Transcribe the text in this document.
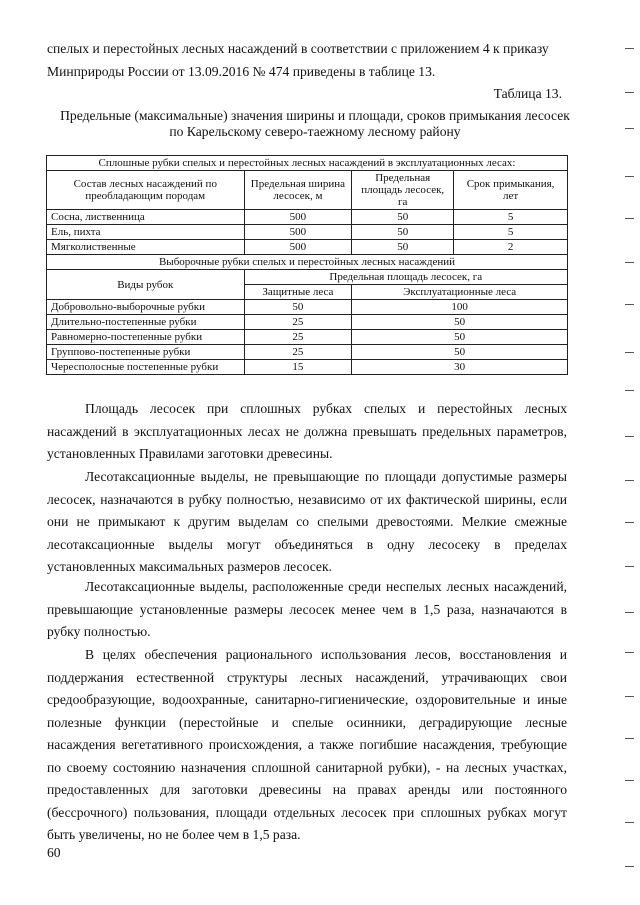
спелых и перестойных лесных насаждений в соответствии с приложением 4 к приказу
Минприроды России от 13.09.2016 № 474 приведены в таблице 13.

Таблица 13.
Предельные (максимальные) значения ширины и площади, сроков примыкания лесосек
по Карельскому северо-таежному лесному району
Сплошные рубки спелых и перестойных лесных насаждений в эксплуатационных лесах:			
Состав лесных насаждений по преобладающим породам	Предельная ширина лесосек, м	Предельная площадь лесосек, га	Срок примыкания, лет
Сосна, лиственница	500	50	5
Ель, пихта	500	50	5
Мягколиственные	500	50	2
Выборочные рубки спелых и перестойных лесных насаждений			
Виды рубок	Предельная площадь лесосек, га		
	Защитные леса	Эксплуатационные леса	
Добровольно-выборочные рубки	50	100	
Длительно-постепенные рубки	25	50	
Равномерно-постепенные рубки	25	50	
Группово-постепенные рубки	25	50	
Чересполосные постепенные рубки	15	30	

Площадь лесосек при сплошных рубках спелых и перестойных лесных насаждений в эксплуатационных лесах не должна превышать предельных параметров, установленных Правилами заготовки древесины.

Лесотаксационные выделы, не превышающие по площади допустимые размеры лесосек, назначаются в рубку полностью, независимо от их фактической ширины, если они не примыкают к другим выделам со спелыми древостоями. Мелкие смежные лесотаксационные выделы могут объединяться в одну лесосеку в пределах установленных максимальных размеров лесосек.

Лесотаксационные выделы, расположенные среди неспелых лесных насаждений, превышающие установленные размеры лесосек менее чем в 1,5 раза, назначаются в рубку полностью.

В целях обеспечения рационального использования лесов, восстановления и поддержания естественной структуры лесных насаждений, утрачивающих свои средообразующие, водоохранные, санитарно-гигиенические, оздоровительные и иные полезные функции (перестойные и спелые осинники, деградирующие лесные насаждения вегетативного происхождения, а также погибшие насаждения, требующие по своему состоянию назначения сплошной санитарной рубки), - на лесных участках, предоставленных для заготовки древесины на правах аренды или постоянного (бессрочного) пользования, площади отдельных лесосек при сплошных рубках могут быть увеличены, но не более чем в 1,5 раза.

60
